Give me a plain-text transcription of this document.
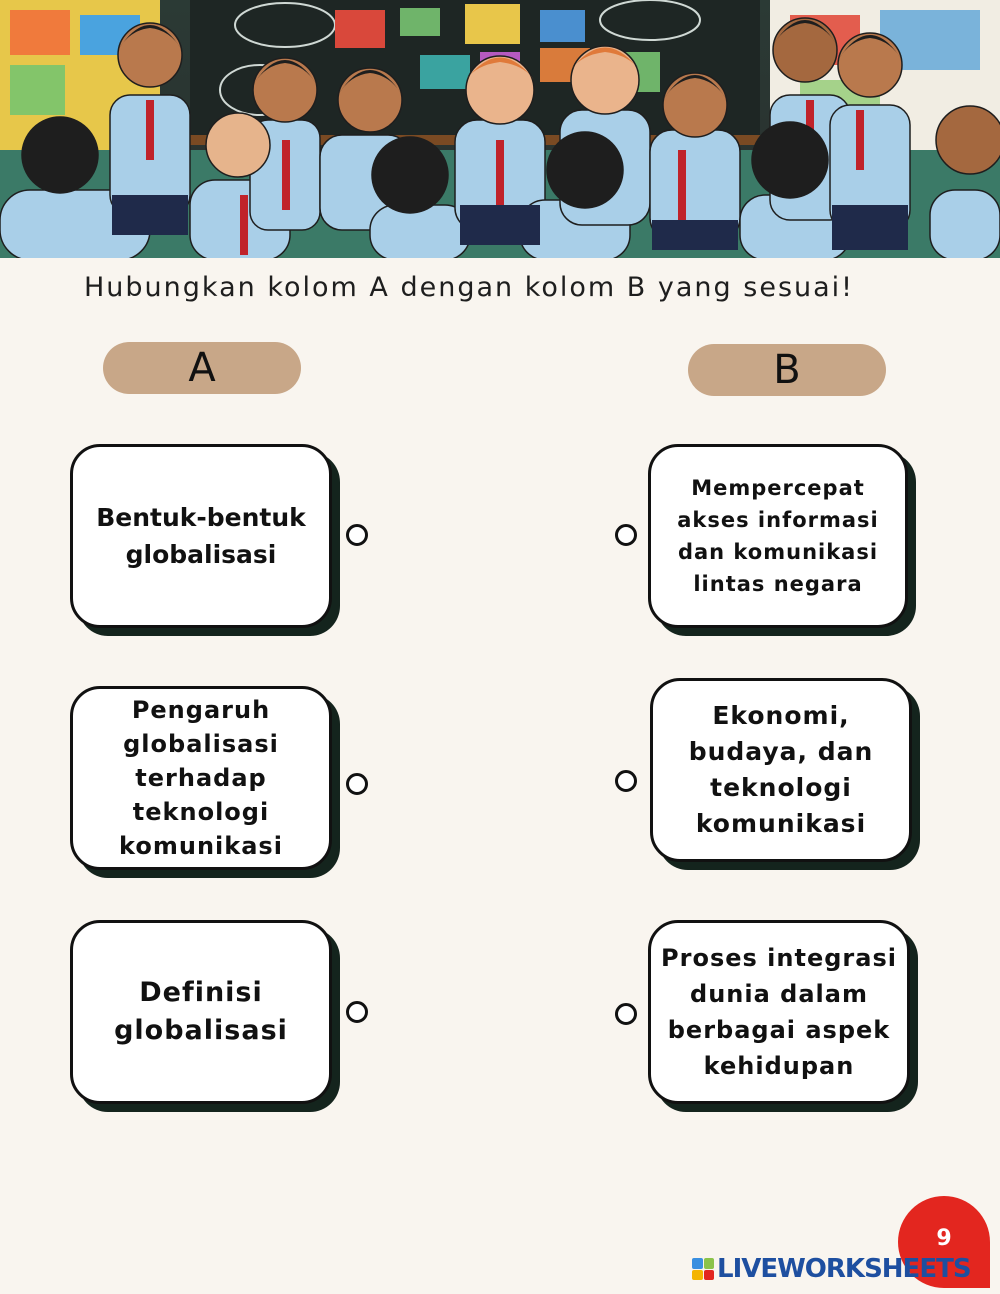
Hubungkan kolom A dengan kolom B yang sesuai!
A	B
Bentuk-bentuk
globalisasi
Pengaruh
globalisasi
terhadap
teknologi
komunikasi
Definisi
globalisasi
Mempercepat
akses informasi
dan komunikasi
lintas negara
Ekonomi,
budaya, dan
teknologi
komunikasi
Proses integrasi
dunia dalam
berbagai aspek
kehidupan
9
LIVEWORKSHEETS
